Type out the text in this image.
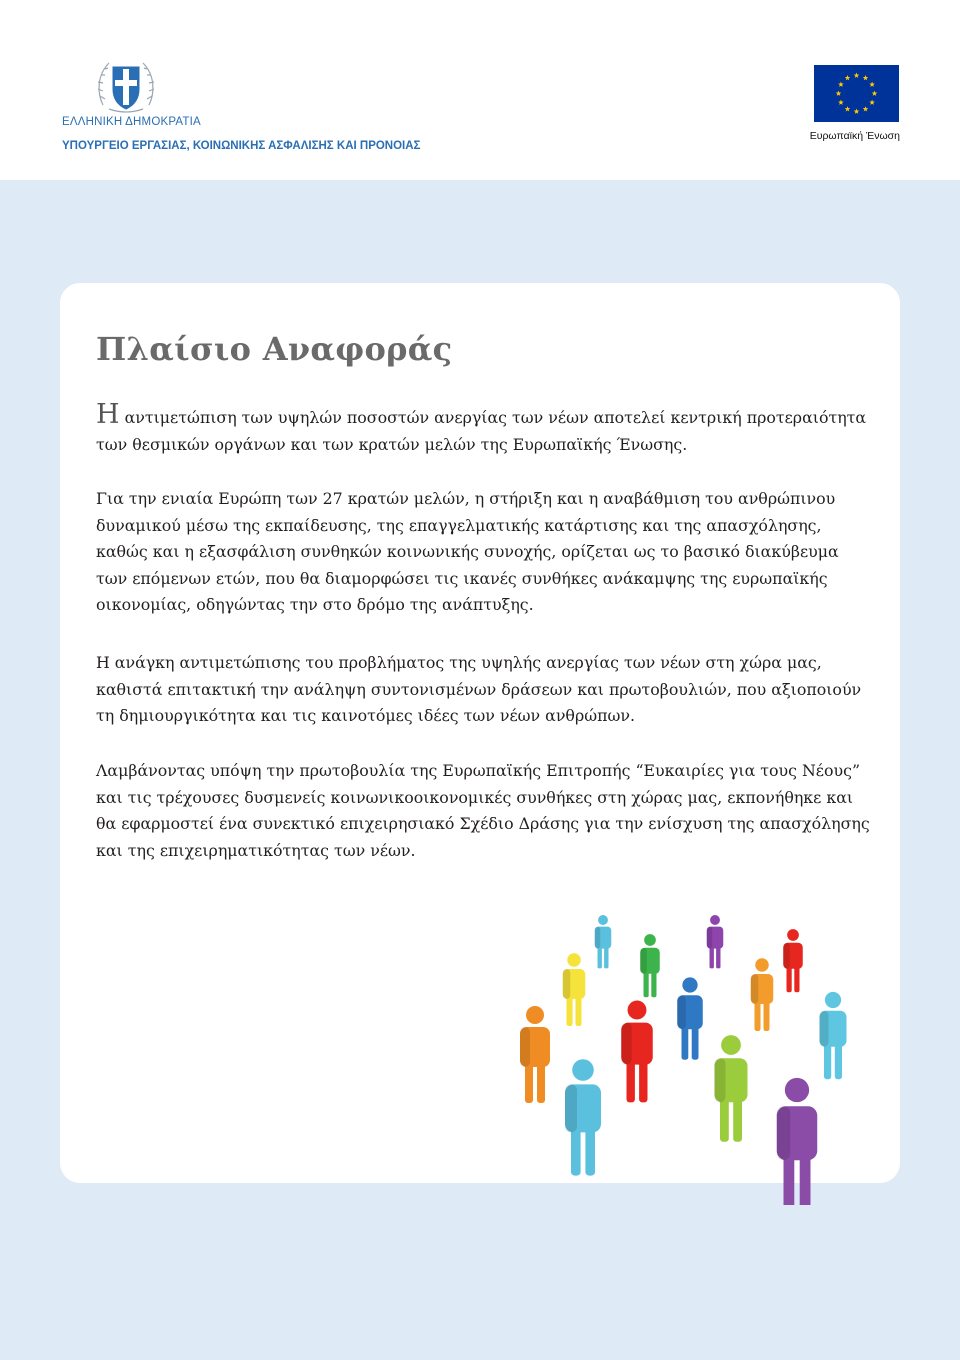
ΕΛΛΗΝΙΚΗ ΔΗΜΟΚΡΑΤΙΑ
ΥΠΟΥΡΓΕΙΟ ΕΡΓΑΣΙΑΣ, ΚΟΙΝΩΝΙΚΗΣ ΑΣΦΑΛΙΣΗΣ ΚΑΙ ΠΡΟΝΟΙΑΣ
Ευρωπαϊκή Ένωση
Πλαίσιο Αναφοράς

Η αντιμετώπιση των υψηλών ποσοστών ανεργίας των νέων αποτελεί κεντρική προτεραιότητα των θεσμικών οργάνων και των κρατών μελών της Ευρωπαϊκής Ένωσης.

Για την ενιαία Ευρώπη των 27 κρατών μελών, η στήριξη και η αναβάθμιση του ανθρώπινου δυναμικού μέσω της εκπαίδευσης, της επαγγελματικής κατάρτισης και της απασχόλησης, καθώς και η εξασφάλιση συνθηκών κοινωνικής συνοχής, ορίζεται ως το βασικό διακύβευμα των επόμενων ετών, που θα διαμορφώσει τις ικανές συνθήκες ανάκαμψης της ευρωπαϊκής οικονομίας, οδηγώντας την στο δρόμο της ανάπτυξης.

Η ανάγκη αντιμετώπισης του προβλήματος της υψηλής ανεργίας των νέων στη χώρα μας, καθιστά επιτακτική την ανάληψη συντονισμένων δράσεων και πρωτοβουλιών, που αξιοποιούν τη δημιουργικότητα και τις καινοτόμες ιδέες των νέων ανθρώπων.

Λαμβάνοντας υπόψη την πρωτοβουλία της Ευρωπαϊκής Επιτροπής “Ευκαιρίες για τους Νέους” και τις τρέχουσες δυσμενείς κοινωνικοοικονομικές συνθήκες στη χώρας μας, εκπονήθηκε και θα εφαρμοστεί ένα συνεκτικό επιχειρησιακό Σχέδιο Δράσης για την ενίσχυση της απασχόλησης και της επιχειρηματικότητας των νέων.
